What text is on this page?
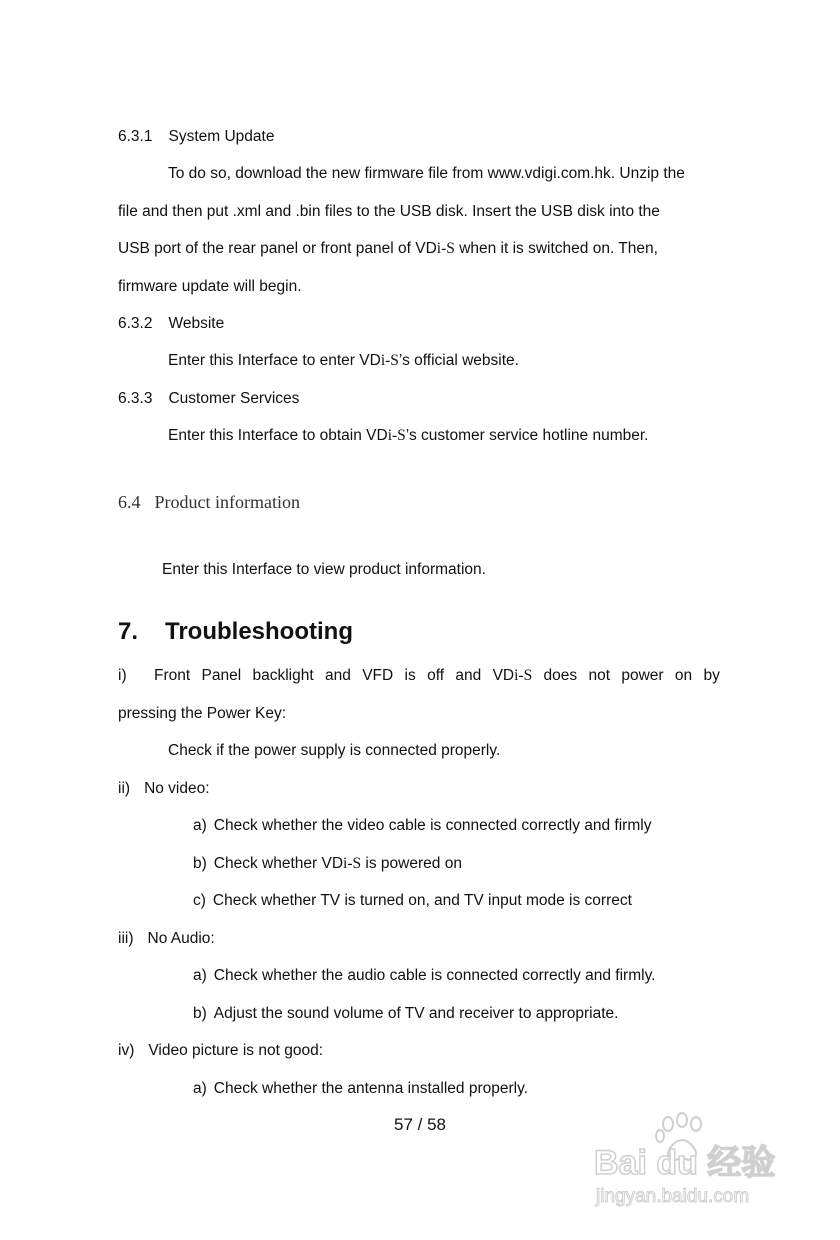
6.3.1 System Update
To do so, download the new firmware file from www.vdigi.com.hk. Unzip the
file and then put .xml and .bin files to the USB disk. Insert the USB disk into the
USB port of the rear panel or front panel of VDi-S when it is switched on. Then,
firmware update will begin.
6.3.2 Website
Enter this Interface to enter VDi-S’s official website.
6.3.3 Customer Services
Enter this Interface to obtain VDi-S’s customer service hotline number.
6.4 Product information
Enter this Interface to view product information.
7. Troubleshooting
i) Front Panel backlight and VFD is off and VDi-S does not power on by
pressing the Power Key:
Check if the power supply is connected properly.
ii) No video:
a) Check whether the video cable is connected correctly and firmly
b) Check whether VDi-S is powered on
c) Check whether TV is turned on, and TV input mode is correct
iii) No Audio:
a) Check whether the audio cable is connected correctly and firmly.
b) Adjust the sound volume of TV and receiver to appropriate.
iv) Video picture is not good:
a) Check whether the antenna installed properly.
57 / 58
Bai du 经验
jingyan.baidu.com
